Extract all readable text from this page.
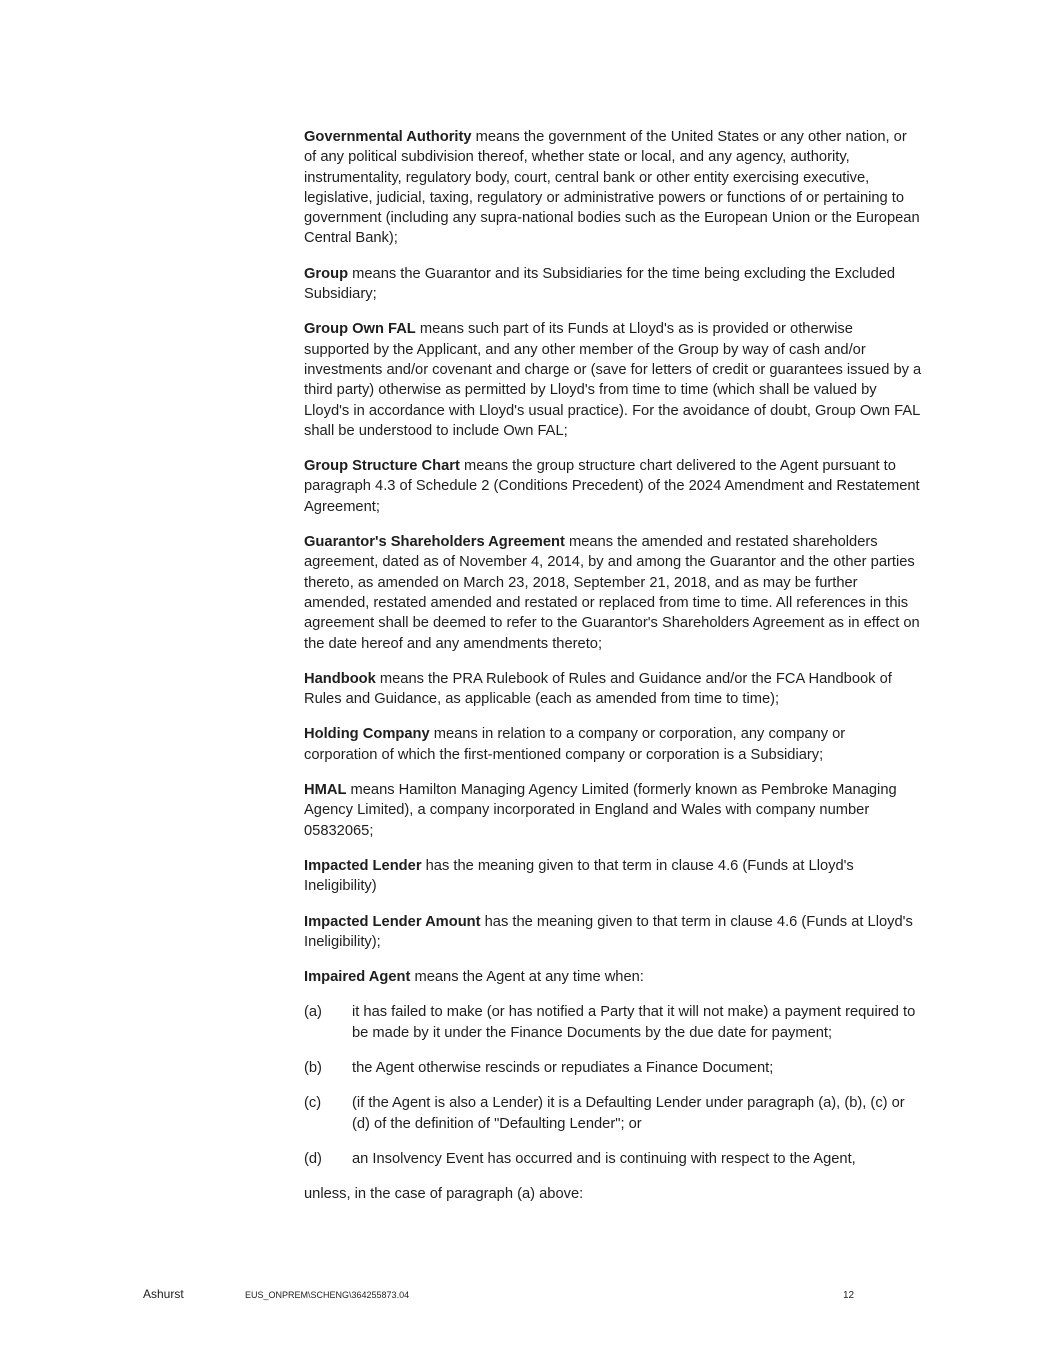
Governmental Authority means the government of the United States or any other nation, or of any political subdivision thereof, whether state or local, and any agency, authority, instrumentality, regulatory body, court, central bank or other entity exercising executive, legislative, judicial, taxing, regulatory or administrative powers or functions of or pertaining to government (including any supra-national bodies such as the European Union or the European Central Bank);

Group means the Guarantor and its Subsidiaries for the time being excluding the Excluded Subsidiary;

Group Own FAL means such part of its Funds at Lloyd's as is provided or otherwise supported by the Applicant, and any other member of the Group by way of cash and/or investments and/or covenant and charge or (save for letters of credit or guarantees issued by a third party) otherwise as permitted by Lloyd's from time to time (which shall be valued by Lloyd's in accordance with Lloyd's usual practice). For the avoidance of doubt, Group Own FAL shall be understood to include Own FAL;

Group Structure Chart means the group structure chart delivered to the Agent pursuant to paragraph 4.3 of Schedule 2 (Conditions Precedent) of the 2024 Amendment and Restatement Agreement;

Guarantor's Shareholders Agreement means the amended and restated shareholders agreement, dated as of November 4, 2014, by and among the Guarantor and the other parties thereto, as amended on March 23, 2018, September 21, 2018, and as may be further amended, restated amended and restated or replaced from time to time. All references in this agreement shall be deemed to refer to the Guarantor's Shareholders Agreement as in effect on the date hereof and any amendments thereto;

Handbook means the PRA Rulebook of Rules and Guidance and/or the FCA Handbook of Rules and Guidance, as applicable (each as amended from time to time);

Holding Company means in relation to a company or corporation, any company or corporation of which the first-mentioned company or corporation is a Subsidiary;

HMAL means Hamilton Managing Agency Limited (formerly known as Pembroke Managing Agency Limited), a company incorporated in England and Wales with company number 05832065;

Impacted Lender has the meaning given to that term in clause 4.6 (Funds at Lloyd's Ineligibility)

Impacted Lender Amount has the meaning given to that term in clause 4.6 (Funds at Lloyd's Ineligibility);

Impaired Agent means the Agent at any time when:

(a)	it has failed to make (or has notified a Party that it will not make) a payment required to be made by it under the Finance Documents by the due date for payment;
(b)	the Agent otherwise rescinds or repudiates a Finance Document;
(c)	(if the Agent is also a Lender) it is a Defaulting Lender under paragraph (a), (b), (c) or (d) of the definition of "Defaulting Lender"; or
(d)	an Insolvency Event has occurred and is continuing with respect to the Agent,

unless, in the case of paragraph (a) above:

Ashurst	EUS_ONPREM\SCHENG\364255873.04	12
